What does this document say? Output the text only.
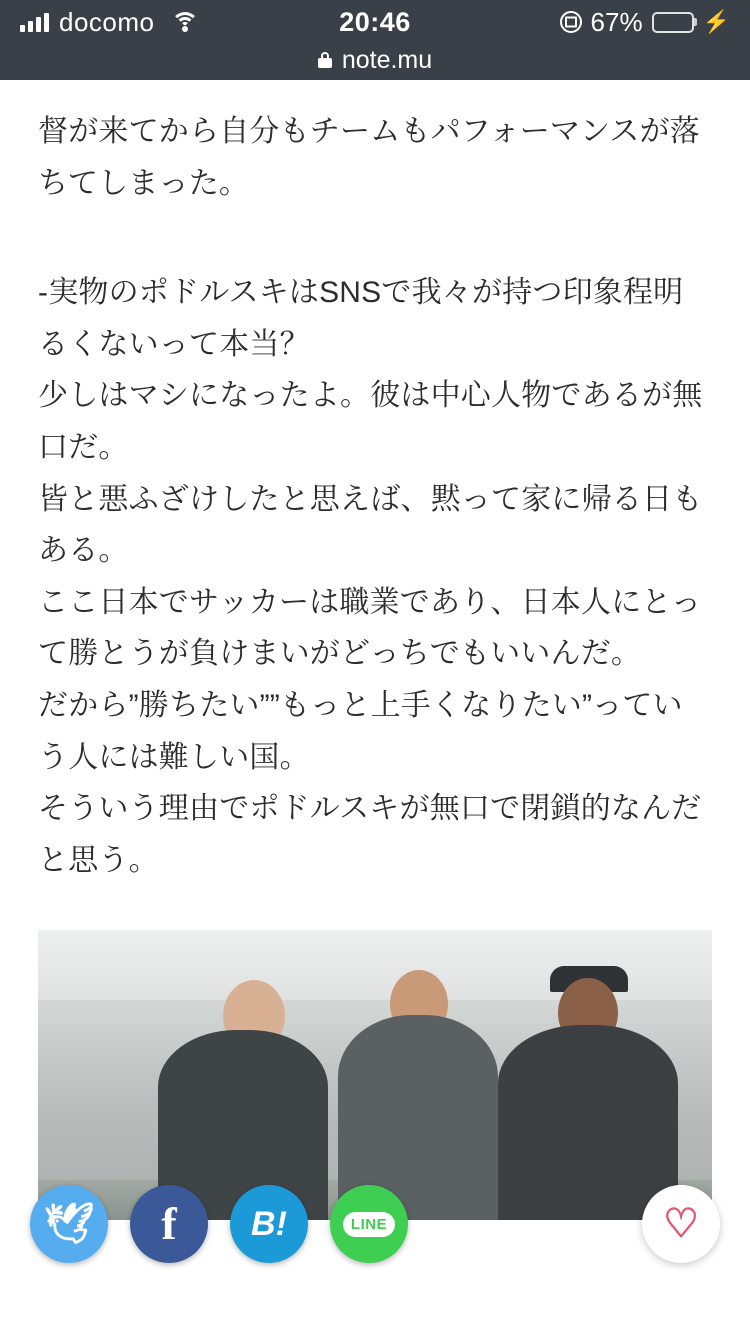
docomo	20:46	67%	⚡
note.mu

督が来てから自分もチームもパフォーマンスが落ちてしまった。

-実物のポドルスキはSNSで我々が持つ印象程明るくないって本当？
少しはマシになったよ。彼は中心人物であるが無口だ。
皆と悪ふざけしたと思えば、黙って家に帰る日もある。
ここ日本でサッカーは職業であり、日本人にとって勝とうが負けまいがどっちでもいいんだ。
だから”勝ちたい””もっと上手くなりたい”っていう人には難しい国。
そういう理由でポドルスキが無口で閉鎖的なんだと思う。

🕊 f B!	LINE	♡
